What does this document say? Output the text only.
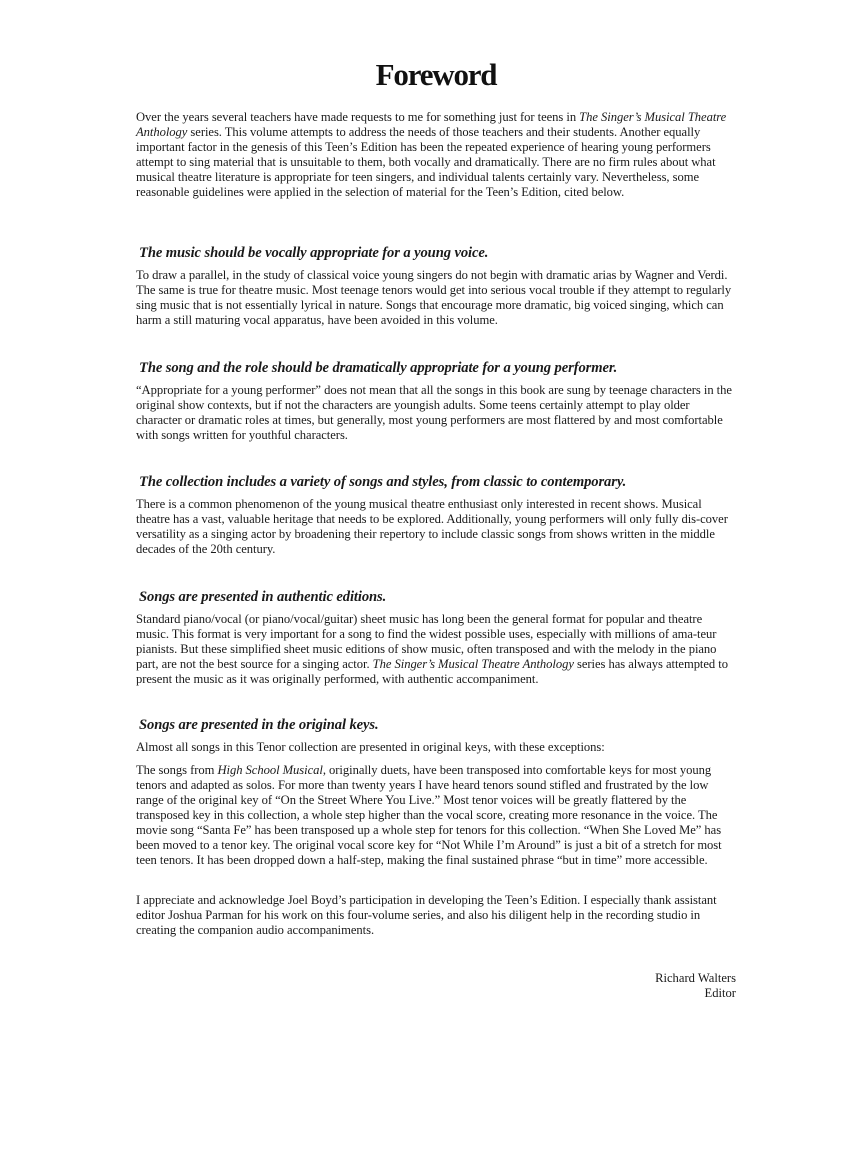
Foreword

Over the years several teachers have made requests to me for something just for teens in The Singer’s Musical Theatre Anthology series. This volume attempts to address the needs of those teachers and their students. Another equally important factor in the genesis of this Teen’s Edition has been the repeated experience of hearing young performers attempt to sing material that is unsuitable to them, both vocally and dramatically. There are no firm rules about what musical theatre literature is appropriate for teen singers, and individual talents certainly vary. Nevertheless, some reasonable guidelines were applied in the selection of material for the Teen’s Edition, cited below.

The music should be vocally appropriate for a young voice.

To draw a parallel, in the study of classical voice young singers do not begin with dramatic arias by Wagner and Verdi. The same is true for theatre music. Most teenage tenors would get into serious vocal trouble if they attempt to regularly sing music that is not essentially lyrical in nature. Songs that encourage more dramatic, big voiced singing, which can harm a still maturing vocal apparatus, have been avoided in this volume.

The song and the role should be dramatically appropriate for a young performer.

“Appropriate for a young performer” does not mean that all the songs in this book are sung by teenage characters in the original show contexts, but if not the characters are youngish adults. Some teens certainly attempt to play older character or dramatic roles at times, but generally, most young performers are most flattered by and most comfortable with songs written for youthful characters.

The collection includes a variety of songs and styles, from classic to contemporary.

There is a common phenomenon of the young musical theatre enthusiast only interested in recent shows. Musical theatre has a vast, valuable heritage that needs to be explored. Additionally, young performers will only fully dis-cover versatility as a singing actor by broadening their repertory to include classic songs from shows written in the middle decades of the 20th century.

Songs are presented in authentic editions.

Standard piano/vocal (or piano/vocal/guitar) sheet music has long been the general format for popular and theatre music. This format is very important for a song to find the widest possible uses, especially with millions of ama-teur pianists. But these simplified sheet music editions of show music, often transposed and with the melody in the piano part, are not the best source for a singing actor. The Singer’s Musical Theatre Anthology series has always attempted to present the music as it was originally performed, with authentic accompaniment.

Songs are presented in the original keys.

Almost all songs in this Tenor collection are presented in original keys, with these exceptions:

The songs from High School Musical, originally duets, have been transposed into comfortable keys for most young tenors and adapted as solos. For more than twenty years I have heard tenors sound stifled and frustrated by the low range of the original key of “On the Street Where You Live.” Most tenor voices will be greatly flattered by the transposed key in this collection, a whole step higher than the vocal score, creating more resonance in the voice. The movie song “Santa Fe” has been transposed up a whole step for tenors for this collection. “When She Loved Me” has been moved to a tenor key. The original vocal score key for “Not While I’m Around” is just a bit of a stretch for most teen tenors. It has been dropped down a half-step, making the final sustained phrase “but in time” more accessible.

I appreciate and acknowledge Joel Boyd’s participation in developing the Teen’s Edition. I especially thank assistant editor Joshua Parman for his work on this four-volume series, and also his diligent help in the recording studio in creating the companion audio accompaniments.

Richard Walters
Editor
